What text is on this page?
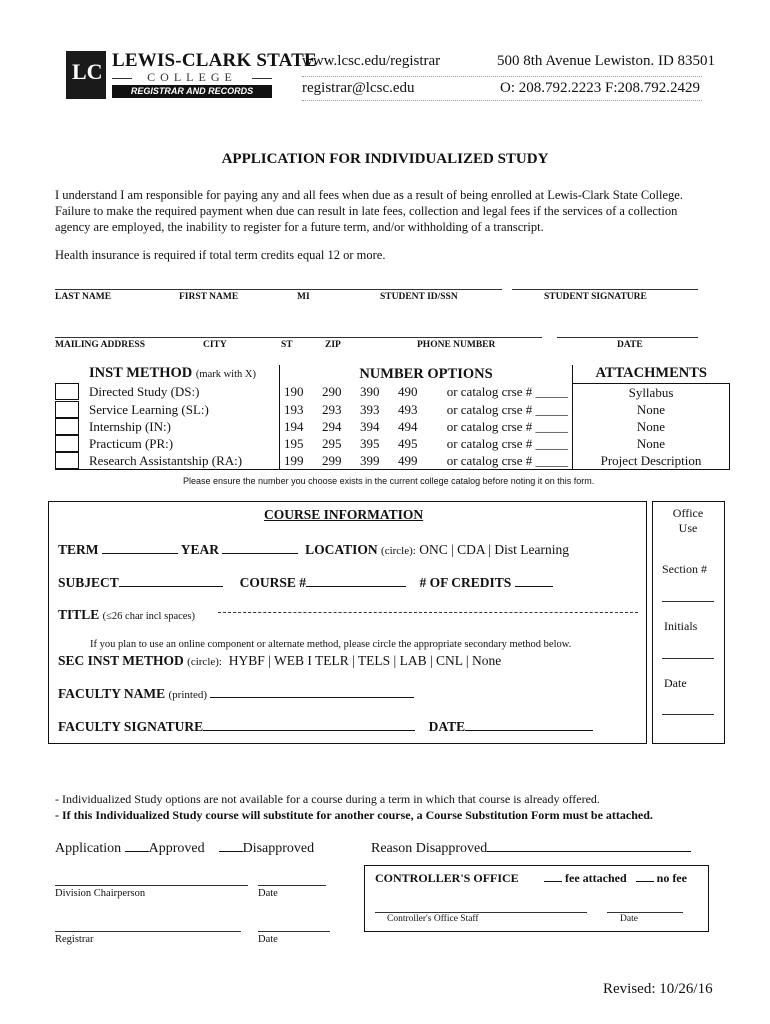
LC LEWIS-CLARK STATE
COLLEGE
REGISTRAR AND RECORDS
www.lcsc.edu/registrar
registrar@lcsc.edu
500 8th Avenue Lewiston. ID 83501
O: 208.792.2223 F:208.792.2429
APPLICATION FOR INDIVIDUALIZED STUDY
I understand I am responsible for paying any and all fees when due as a result of being enrolled at Lewis-Clark State College. Failure to make the required payment when due can result in late fees, collection and legal fees if the services of a collection agency are employed, the inability to register for a future term, and/or withholding of a transcript.
Health insurance is required if total term credits equal 12 or more.
LAST NAME	FIRST NAME	MI	STUDENT ID/SSN	STUDENT SIGNATURE
MAILING ADDRESS	CITY	ST	ZIP	PHONE NUMBER	DATE
	INST METHOD (mark with X)	NUMBER OPTIONS					ATTACHMENTS

	Directed Study (DS:)	190	290	390	490	or catalog crse # _____	Syllabus

	Service Learning (SL:)	193	293	393	493	or catalog crse # _____	None

	Internship (IN:)	194	294	394	494	or catalog crse # _____	None

	Practicum (PR:)	195	295	395	495	or catalog crse # _____	None

	Research Assistantship (RA:)	199	299	399	499	or catalog crse # _____	Project Description
Please ensure the number you choose exists in the current college catalog before noting it on this form.
COURSE INFORMATION
TERM	YEAR	LOCATION (circle): ONC | CDA | Dist Learning
SUBJECT	COURSE #	# OF CREDITS
TITLE (≤26 char incl spaces)
If you plan to use an online component or alternate method, please circle the appropriate secondary method below.
SEC INST METHOD (circle): HYBF | WEB I TELR | TELS | LAB | CNL | None
FACULTY NAME (printed)
FACULTY SIGNATURE	DATE
Office Use
Section #
Initials
Date
- Individualized Study options are not available for a course during a term in which that course is already offered.
- If this Individualized Study course will substitute for another course, a Course Substitution Form must be attached.
Application Approved	Disapproved	Reason Disapproved
Division Chairperson	Date
Registrar	Date
CONTROLLER'S OFFICE	fee attached	no fee
Controller's Office Staff	Date
Revised: 10/26/16
